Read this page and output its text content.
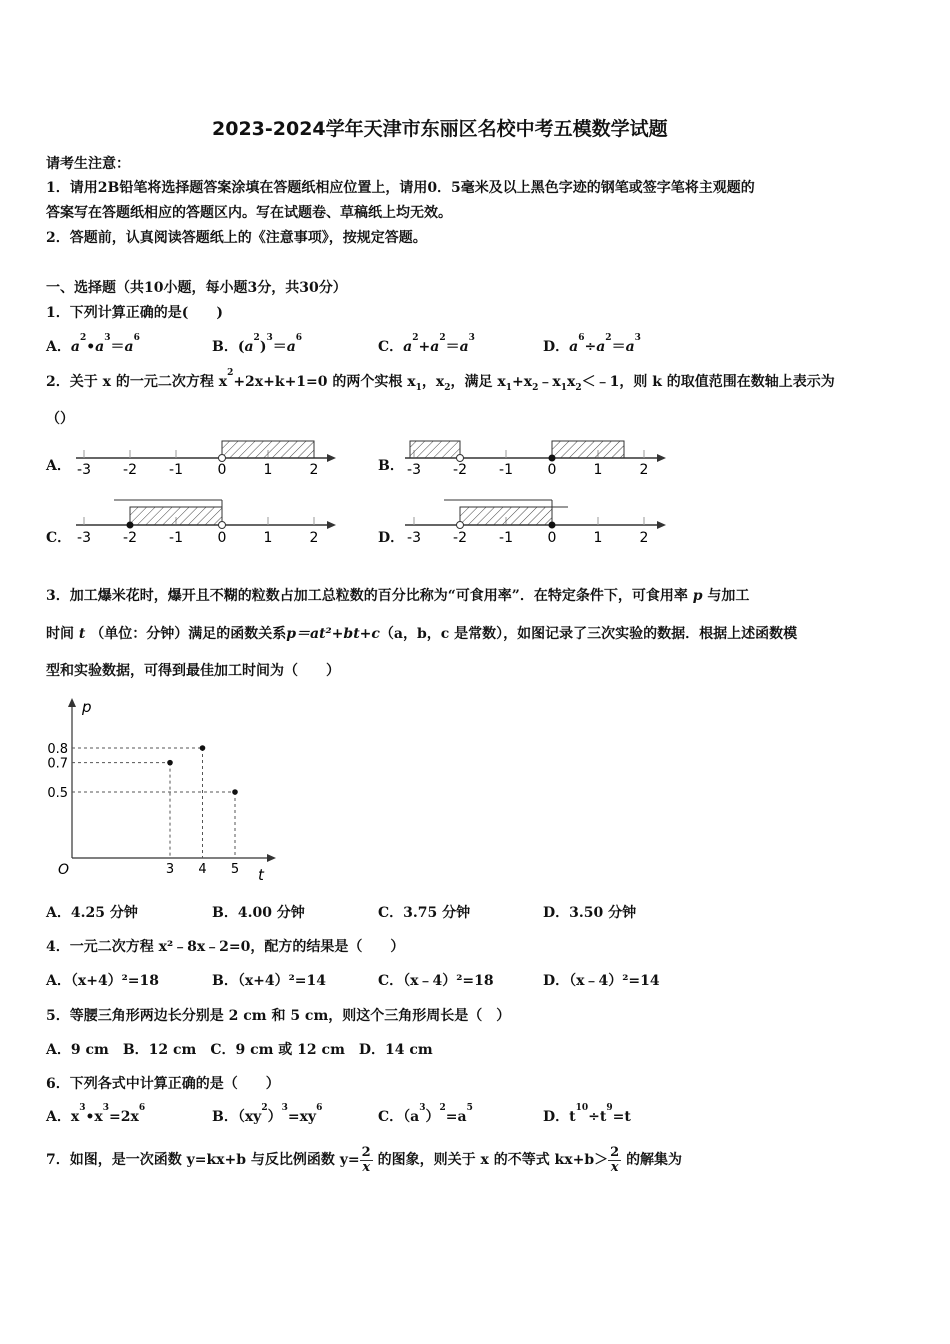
2023-2024学年天津市东丽区名校中考五模数学试题
请考生注意：
1．请用2B铅笔将选择题答案涂填在答题纸相应位置上，请用0．5毫米及以上黑色字迹的钢笔或签字笔将主观题的
答案写在答题纸相应的答题区内。写在试题卷、草稿纸上均无效。
2．答题前，认真阅读答题纸上的《注意事项》，按规定答题。
一、选择题（共10小题，每小题3分，共30分）
1．下列计算正确的是(　　)
A．$a^2•a^3=a^6$
B．$(a^2)^3=a^6$
C．$a^2+a^2=a^3$
D．$a^6\div a^2=a^3$
2．关于 x 的一元二次方程 $x^2+2x+k+1=0$ 的两个实根 $x_1$，$x_2$，满足 $x_1+x_2﹣x_1x_2<﹣1$，则 k 的取值范围在数轴上表示为
（）
A．	B．
C．	D．
-3 -2 -1 0	1	2	-3 -2 -1 0	1	2
-3 -2 -1 0	1	2	-3 -2 -1 0	1	2
3．加工爆米花时，爆开且不糊的粒数占加工总粒数的百分比称为“可食用率”．在特定条件下，可食用率 p 与加工
时间 t （单位：分钟）满足的函数关系p＝at²+bt+c（a，b，c 是常数），如图记录了三次实验的数据．根据上述函数模
型和实验数据，可得到最佳加工时间为（　　）
O
p
t
3 4 5
0.8
0.7
0.5
A．4.25 分钟	B．4.00 分钟	C．3.75 分钟	D．3.50 分钟
4．一元二次方程 x²﹣8x﹣2=0，配方的结果是（　　）
A．（x+4）²=18	B．（x+4）²=14	C．（x﹣4）²=18	D．（x﹣4）²=14
5．等腰三角形两边长分别是 2 cm 和 5 cm，则这个三角形周长是（　）
A．9 cm　B．12 cm　C．9 cm 或 12 cm　D．14 cm
6．下列各式中计算正确的是（　　）
A．$x^3•x^3=2x^6$
B．$(xy^2)^3=xy^6$
C．$(a^3)^2=a^5$
D．$t^{10}\div t^9=t$
7．如图，是一次函数 y=kx+b 与反比例函数 $y= \frac{2}{x}$ 的图象，则关于 x 的不等式 $kx+b> \frac{2}{x}$ 的解集为
